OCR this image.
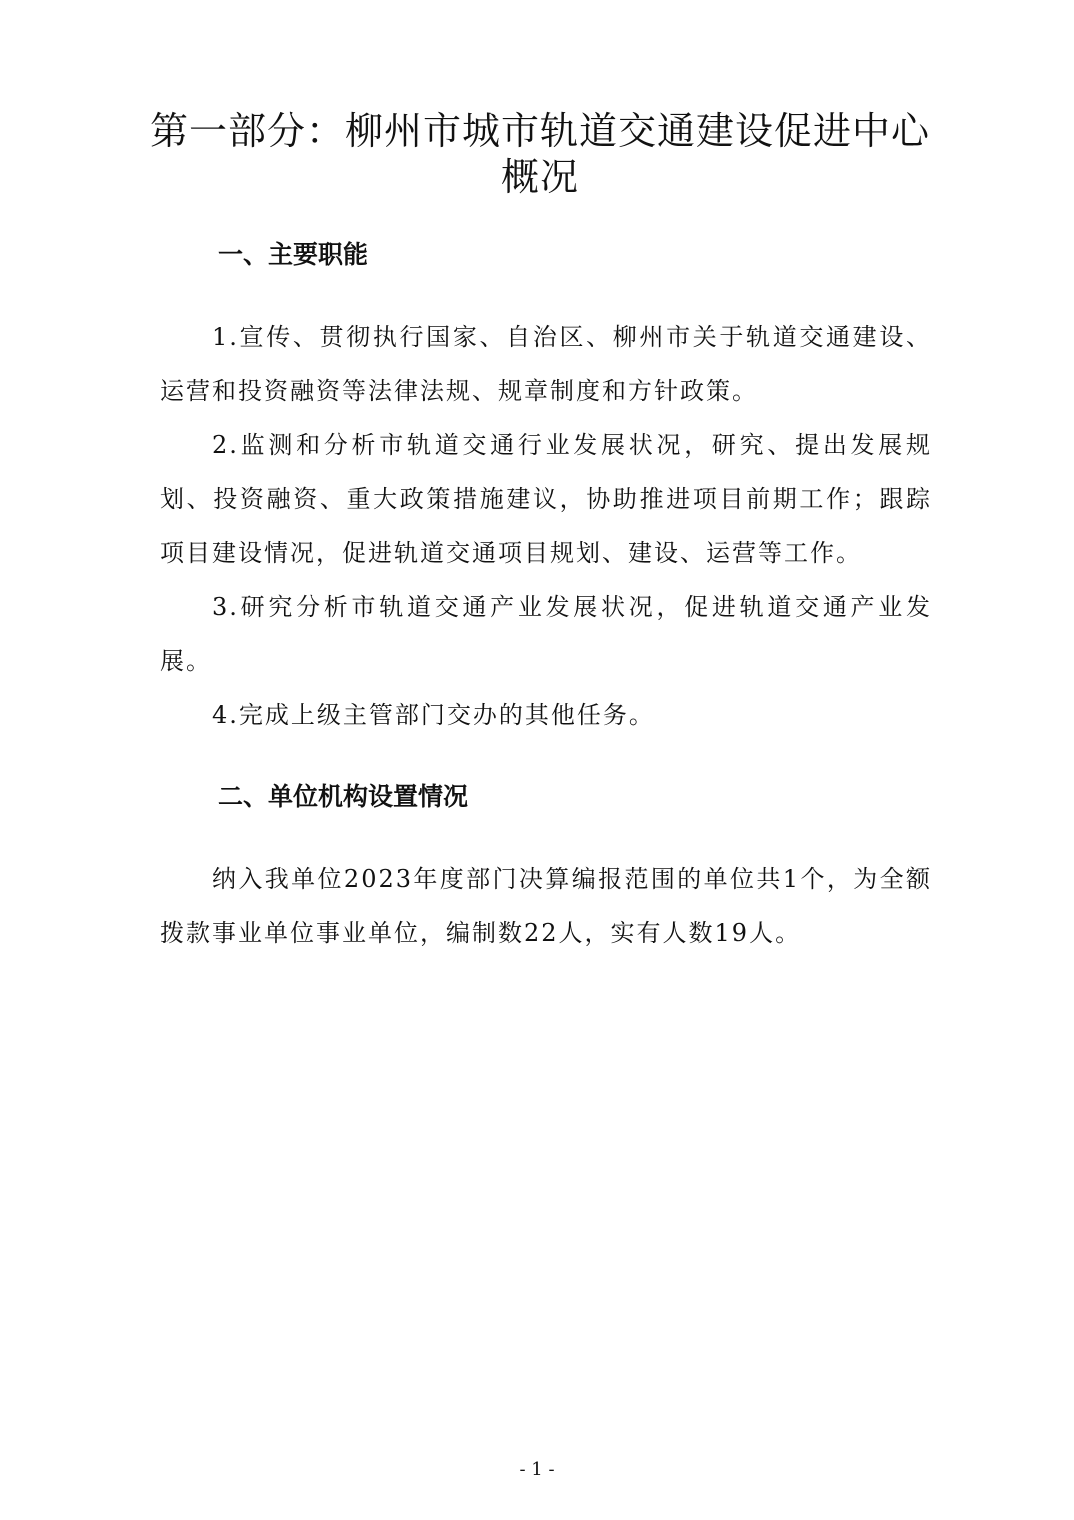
第一部分：柳州市城市轨道交通建设促进中心概况
一、主要职能

1.宣传、贯彻执行国家、自治区、柳州市关于轨道交通建设、运营和投资融资等法律法规、规章制度和方针政策。

2.监测和分析市轨道交通行业发展状况，研究、提出发展规划、投资融资、重大政策措施建议，协助推进项目前期工作；跟踪项目建设情况，促进轨道交通项目规划、建设、运营等工作。

3.研究分析市轨道交通产业发展状况，促进轨道交通产业发展。

4.完成上级主管部门交办的其他任务。

二、单位机构设置情况

纳入我单位2023年度部门决算编报范围的单位共1个，为全额拨款事业单位事业单位，编制数22人，实有人数19人。

- 1 -
